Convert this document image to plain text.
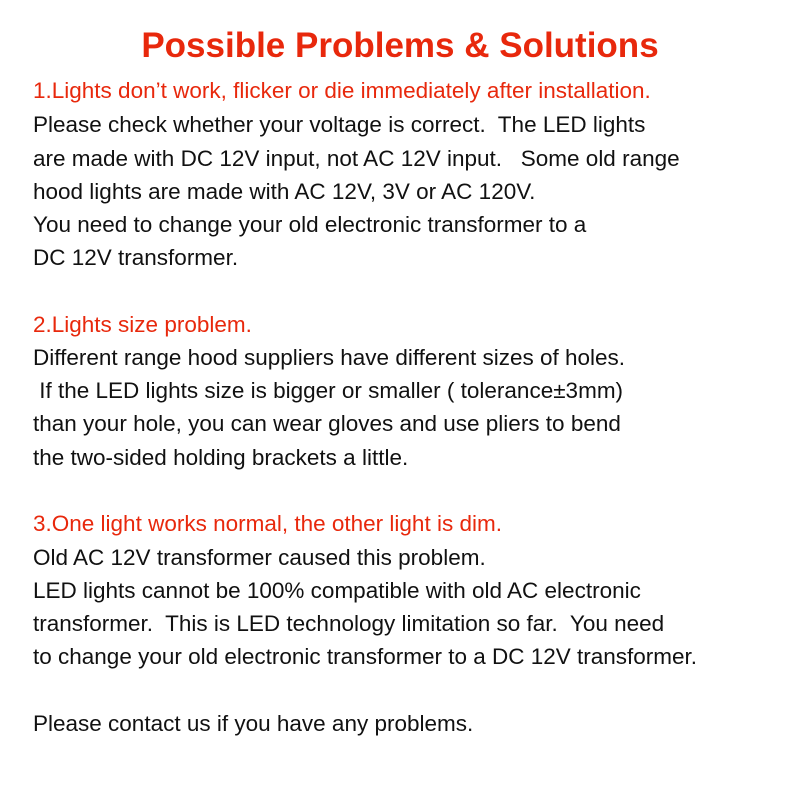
Possible Problems & Solutions
1.Lights don’t work, flicker or die immediately after installation.
Please check whether your voltage is correct.  The LED lights
are made with DC 12V input, not AC 12V input.   Some old range
hood lights are made with AC 12V, 3V or AC 120V.
You need to change your old electronic transformer to a
DC 12V transformer.
2.Lights size problem.
Different range hood suppliers have different sizes of holes.
If the LED lights size is bigger or smaller ( tolerance±3mm)
than your hole, you can wear gloves and use pliers to bend
the two-sided holding brackets a little.
3.One light works normal, the other light is dim.
Old AC 12V transformer caused this problem.
LED lights cannot be 100% compatible with old AC electronic
transformer.  This is LED technology limitation so far.  You need
to change your old electronic transformer to a DC 12V transformer.
Please contact us if you have any problems.
